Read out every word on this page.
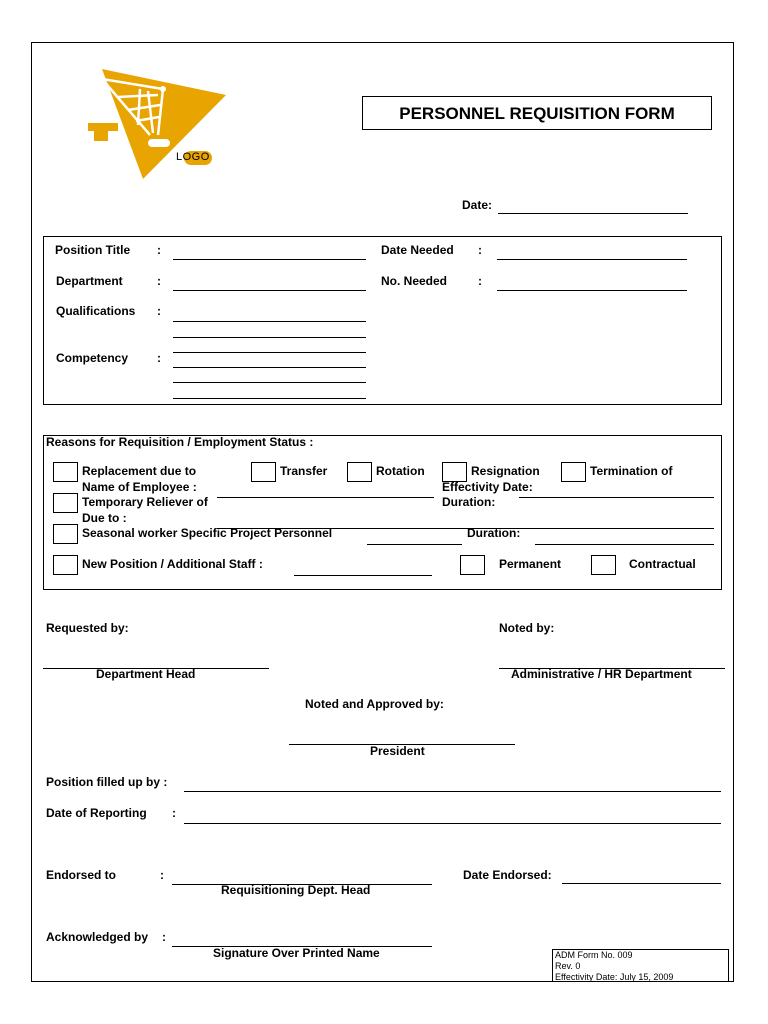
LOGO
PERSONNEL REQUISITION FORM
Date:
Position Title :	Date Needed :
Department	:	No. Needed	:
Qualifications :
Competency :
Reasons for Requisition / Employment Status :
Replacement due to	Transfer	Rotation	Resignation	Termination of
Name of Employee :	Effectivity Date:
Temporary Reliever of	Duration:
Due to :
Seasonal worker Specific Project Personnel	Duration:
New Position / Additional Staff :	Permanent	Contractual
Requested by:	Noted by:
Department Head	Administrative / HR Department
Noted and Approved by:
President
Position filled up by :
Date of Reporting :
Endorsed to	:
Requisitioning Dept. Head
Date Endorsed:
Acknowledged by :
Signature Over Printed Name	ADM Form No. 009
Rev. 0
Effectivity Date: July 15, 2009
